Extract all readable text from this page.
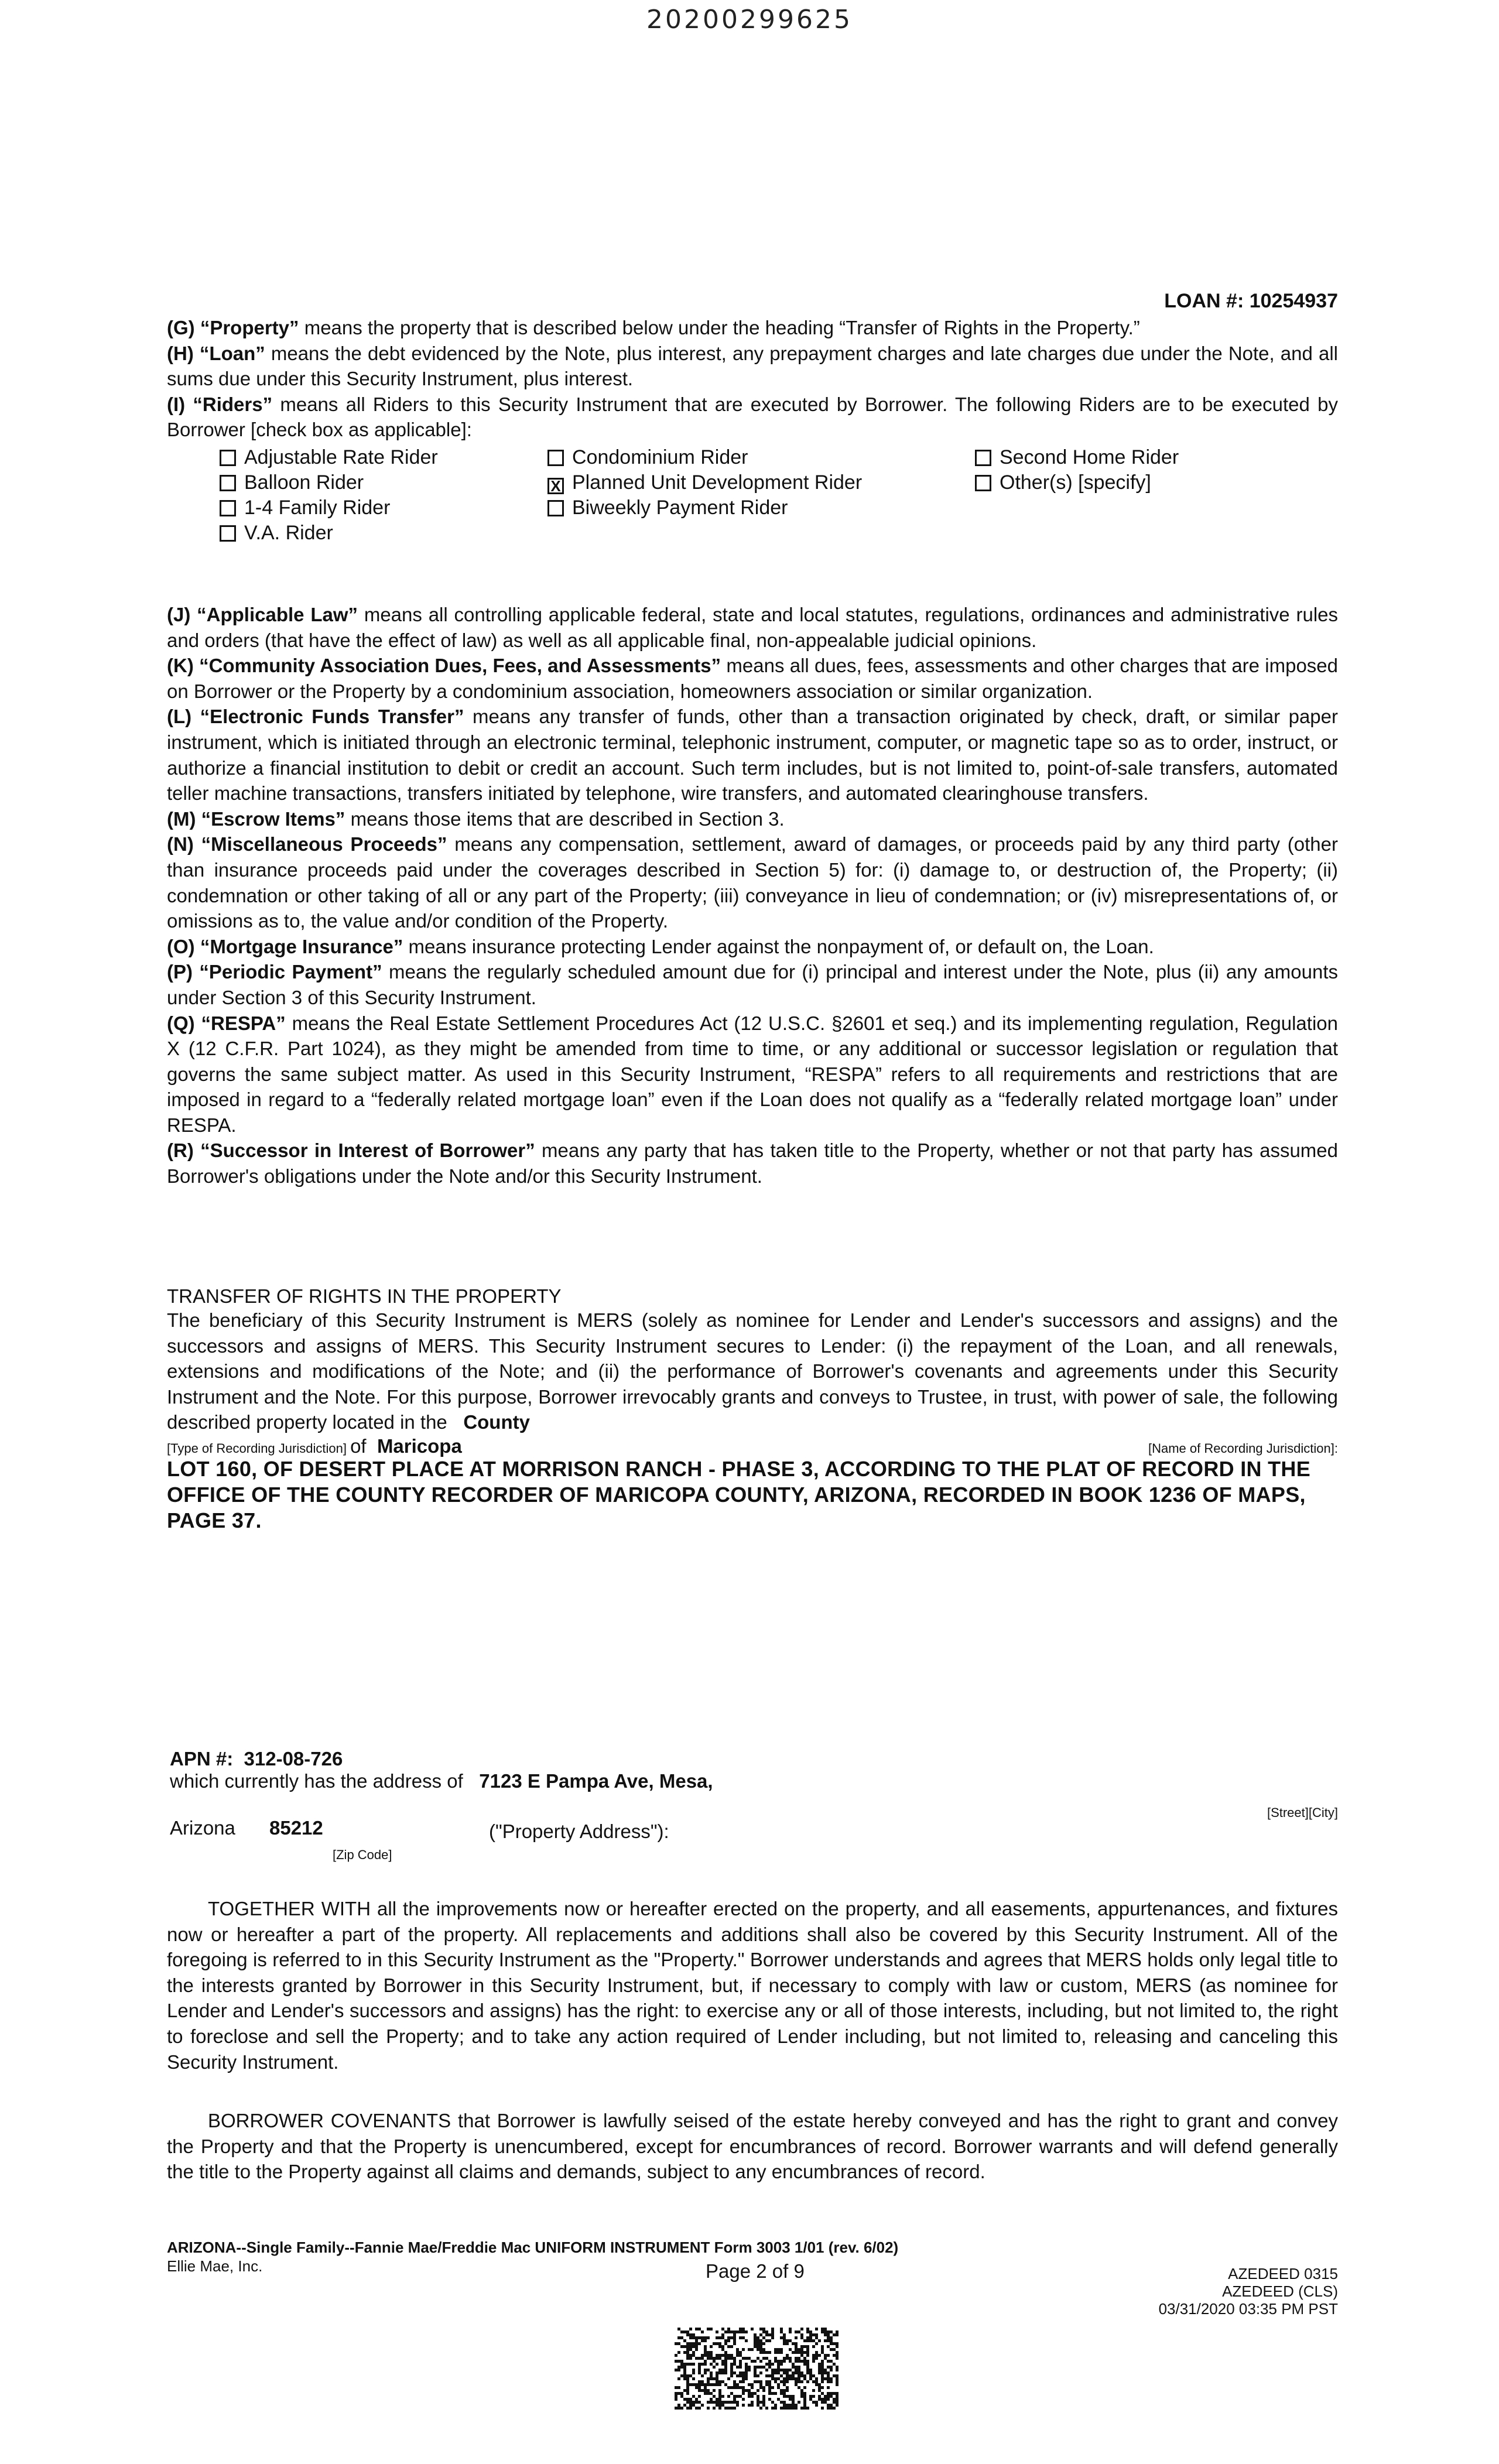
20200299625
LOAN #: 10254937

(G) “Property” means the property that is described below under the heading “Transfer of Rights in the Property.”

(H) “Loan” means the debt evidenced by the Note, plus interest, any prepayment charges and late charges due under the Note, and all sums due under this Security Instrument, plus interest.

(I) “Riders” means all Riders to this Security Instrument that are executed by Borrower. The following Riders are to be executed by Borrower [check box as applicable]:

Adjustable Rate Rider	Condominium Rider	Second Home Rider
Balloon Rider	X Planned Unit Development Rider	Other(s) [specify]
1-4 Family Rider	Biweekly Payment Rider
V.A. Rider

(J) “Applicable Law” means all controlling applicable federal, state and local statutes, regulations, ordinances and administrative rules and orders (that have the effect of law) as well as all applicable final, non-appealable judicial opinions.

(K) “Community Association Dues, Fees, and Assessments” means all dues, fees, assessments and other charges that are imposed on Borrower or the Property by a condominium association, homeowners association or similar organization.

(L) “Electronic Funds Transfer” means any transfer of funds, other than a transaction originated by check, draft, or similar paper instrument, which is initiated through an electronic terminal, telephonic instrument, computer, or magnetic tape so as to order, instruct, or authorize a financial institution to debit or credit an account. Such term includes, but is not limited to, point-of-sale transfers, automated teller machine transactions, transfers initiated by telephone, wire transfers, and automated clearinghouse transfers.

(M) “Escrow Items” means those items that are described in Section 3.

(N) “Miscellaneous Proceeds” means any compensation, settlement, award of damages, or proceeds paid by any third party (other than insurance proceeds paid under the coverages described in Section 5) for: (i) damage to, or destruction of, the Property; (ii) condemnation or other taking of all or any part of the Property; (iii) conveyance in lieu of condemnation; or (iv) misrepresentations of, or omissions as to, the value and/or condition of the Property.

(O) “Mortgage Insurance” means insurance protecting Lender against the nonpayment of, or default on, the Loan.

(P) “Periodic Payment” means the regularly scheduled amount due for (i) principal and interest under the Note, plus (ii) any amounts under Section 3 of this Security Instrument.

(Q) “RESPA” means the Real Estate Settlement Procedures Act (12 U.S.C. §2601 et seq.) and its implementing regulation, Regulation X (12 C.F.R. Part 1024), as they might be amended from time to time, or any additional or successor legislation or regulation that governs the same subject matter. As used in this Security Instrument, “RESPA” refers to all requirements and restrictions that are imposed in regard to a “federally related mortgage loan” even if the Loan does not qualify as a “federally related mortgage loan” under RESPA.

(R) “Successor in Interest of Borrower” means any party that has taken title to the Property, whether or not that party has assumed Borrower's obligations under the Note and/or this Security Instrument.

TRANSFER OF RIGHTS IN THE PROPERTY

The beneficiary of this Security Instrument is MERS (solely as nominee for Lender and Lender's successors and assigns) and the successors and assigns of MERS. This Security Instrument secures to Lender: (i) the repayment of the Loan, and all renewals, extensions and modifications of the Note; and (ii) the performance of Borrower's covenants and agreements under this Security Instrument and the Note. For this purpose, Borrower irrevocably grants and conveys to Trustee, in trust, with power of sale, the following described property located in the County

[Type of Recording Jurisdiction] of Maricopa	[Name of Recording Jurisdiction]:

LOT 160, OF DESERT PLACE AT MORRISON RANCH - PHASE 3, ACCORDING TO THE PLAT OF RECORD IN THE OFFICE OF THE COUNTY RECORDER OF MARICOPA COUNTY, ARIZONA, RECORDED IN BOOK 1236 OF MAPS, PAGE 37.

APN #: 312-08-726
which currently has the address of 7123 E Pampa Ave, Mesa,
[Street][City]
Arizona 85212	("Property Address"):
[Zip Code]

TOGETHER WITH all the improvements now or hereafter erected on the property, and all easements, appurtenances, and fixtures now or hereafter a part of the property. All replacements and additions shall also be covered by this Security Instrument. All of the foregoing is referred to in this Security Instrument as the "Property." Borrower understands and agrees that MERS holds only legal title to the interests granted by Borrower in this Security Instrument, but, if necessary to comply with law or custom, MERS (as nominee for Lender and Lender's successors and assigns) has the right: to exercise any or all of those interests, including, but not limited to, the right to foreclose and sell the Property; and to take any action required of Lender including, but not limited to, releasing and canceling this Security Instrument.

BORROWER COVENANTS that Borrower is lawfully seised of the estate hereby conveyed and has the right to grant and convey the Property and that the Property is unencumbered, except for encumbrances of record. Borrower warrants and will defend generally the title to the Property against all claims and demands, subject to any encumbrances of record.

ARIZONA--Single Family--Fannie Mae/Freddie Mac UNIFORM INSTRUMENT Form 3003 1/01 (rev. 6/02)
Ellie Mae, Inc.	Page 2 of 9	AZEDEED 0315
AZEDEED (CLS)
03/31/2020 03:35 PM PST
